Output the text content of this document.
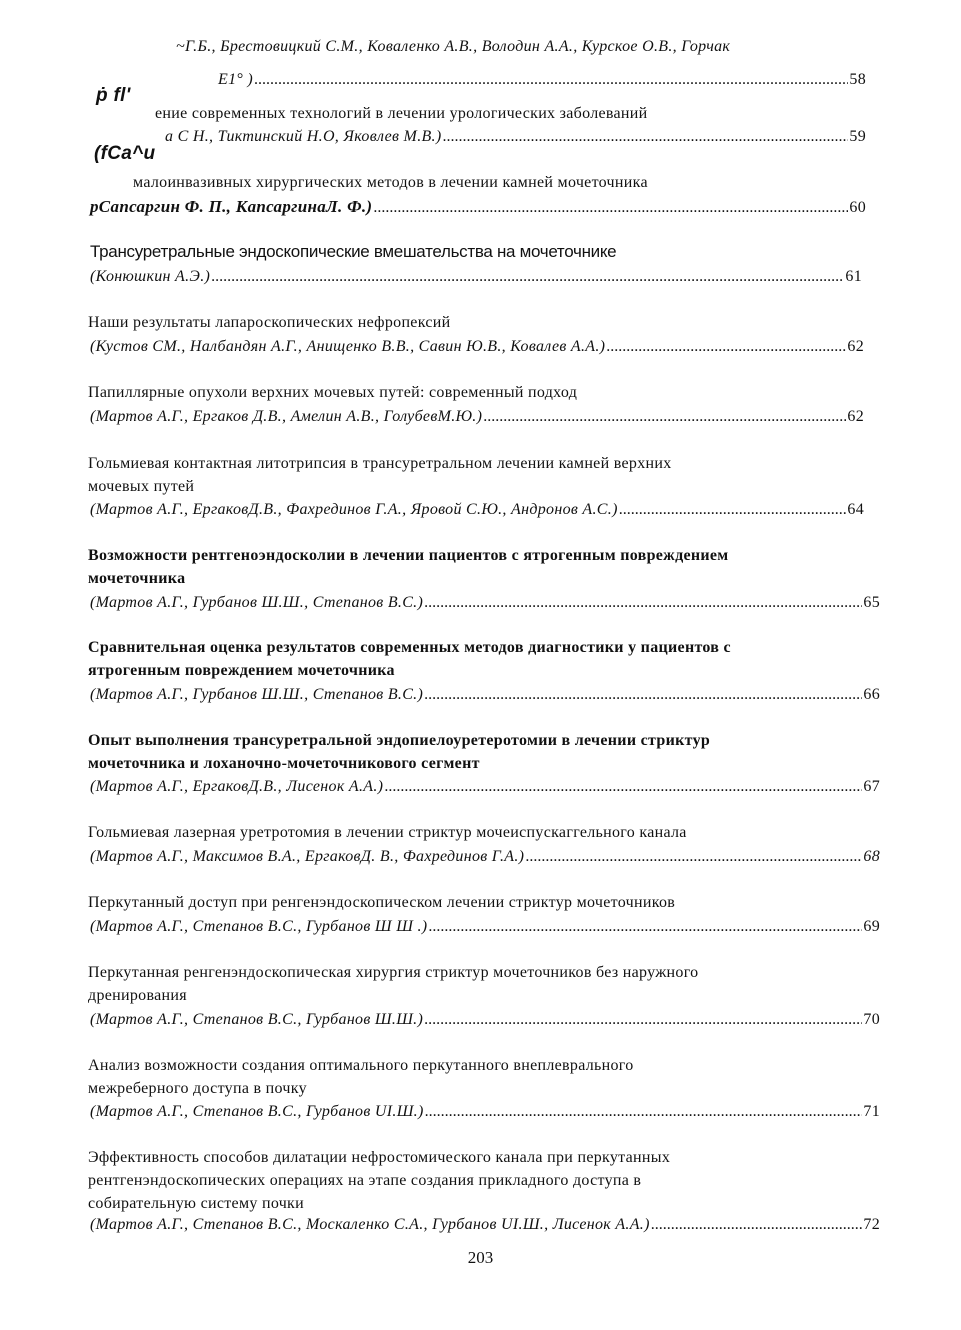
ṗ fl'
(fCa^u
~Г.Б., Брестовицкий С.М., Коваленко А.В., Володин А.А., Курское О.В., Горчак
E1° ) .....	58
ение современных технологий в лечении урологических заболеваний
а С Н., Тиктинский Н.О, Яковлев М.В.) .....	59
малоинвазивных хирургических методов в лечении камней мочеточника
рСапсаргин Ф. П., КапсаргинаЛ. Ф.) .....	60
Трансуретральные эндоскопические вмешательства на мочеточнике
(Конюшкин А.Э.) .....	61
Наши результаты лапароскопических нефропексий
(Кустов СМ., Налбандян А.Г., Анищенко В.В., Савин Ю.В., Ковалев А.А.) .....	62
Папиллярные опухоли верхних мочевых путей: современный подход
(Мартов А.Г., Ергаков Д.В., Амелин А.В., ГолубевМ.Ю.) .....	62
Гольмиевая контактная литотрипсия в трансуретральном лечении камней верхних
мочевых путей
(Мартов А.Г., ЕргаковД.В., Фахрединов Г.А., Яровой С.Ю., Андронов А.С.) .....	64
Возможности рентгеноэндосколии в лечении пациентов с ятрогенным повреждением
мочеточника
(Мартов А.Г., Гурбанов Ш.Ш., Степанов В.С.) .....	65
Сравнительная оценка результатов современных методов диагностики у пациентов с
ятрогенным повреждением мочеточника
(Мартов А.Г., Гурбанов Ш.Ш., Степанов В.С.) .....	66
Опыт выполнения трансуретральной эндопиелоуретеротомии в лечении стриктур
мочеточника и лоханочно-мочеточникового сегмент
(Мартов А.Г., ЕргаковД.В., Лисенок А.А.) .....	67
Гольмиевая лазерная уретротомия в лечении стриктур мочеиспускаггельного канала
(Мартов А.Г., Максимов В.А., ЕргаковД. В., Фахрединов Г.А.) .....	68
Перкутанный доступ при ренгенэндоскопическом лечении стриктур мочеточников
(Мартов А.Г., Степанов В.С., Гурбанов Ш Ш .) .....	69
Перкутанная ренгенэндоскопическая хирургия стриктур мочеточников без наружного
дренирования
(Мартов А.Г., Степанов В.С., Гурбанов Ш.Ш.) .....	70
Анализ возможности создания оптимального перкутанного внеплеврального
межреберного доступа в почку
(Мартов А.Г., Степанов В.С., Гурбанов UI.Ш.) .....	71
Эффективность способов дилатации нефростомического канала при перкутанных
рентгенэндоскопических операциях на этапе создания прикладного доступа в
собирательную систему почки
(Мартов А.Г., Степанов В.С., Москаленко С.А., Гурбанов UI.Ш., Лисенок А.А.) .....	72
203
